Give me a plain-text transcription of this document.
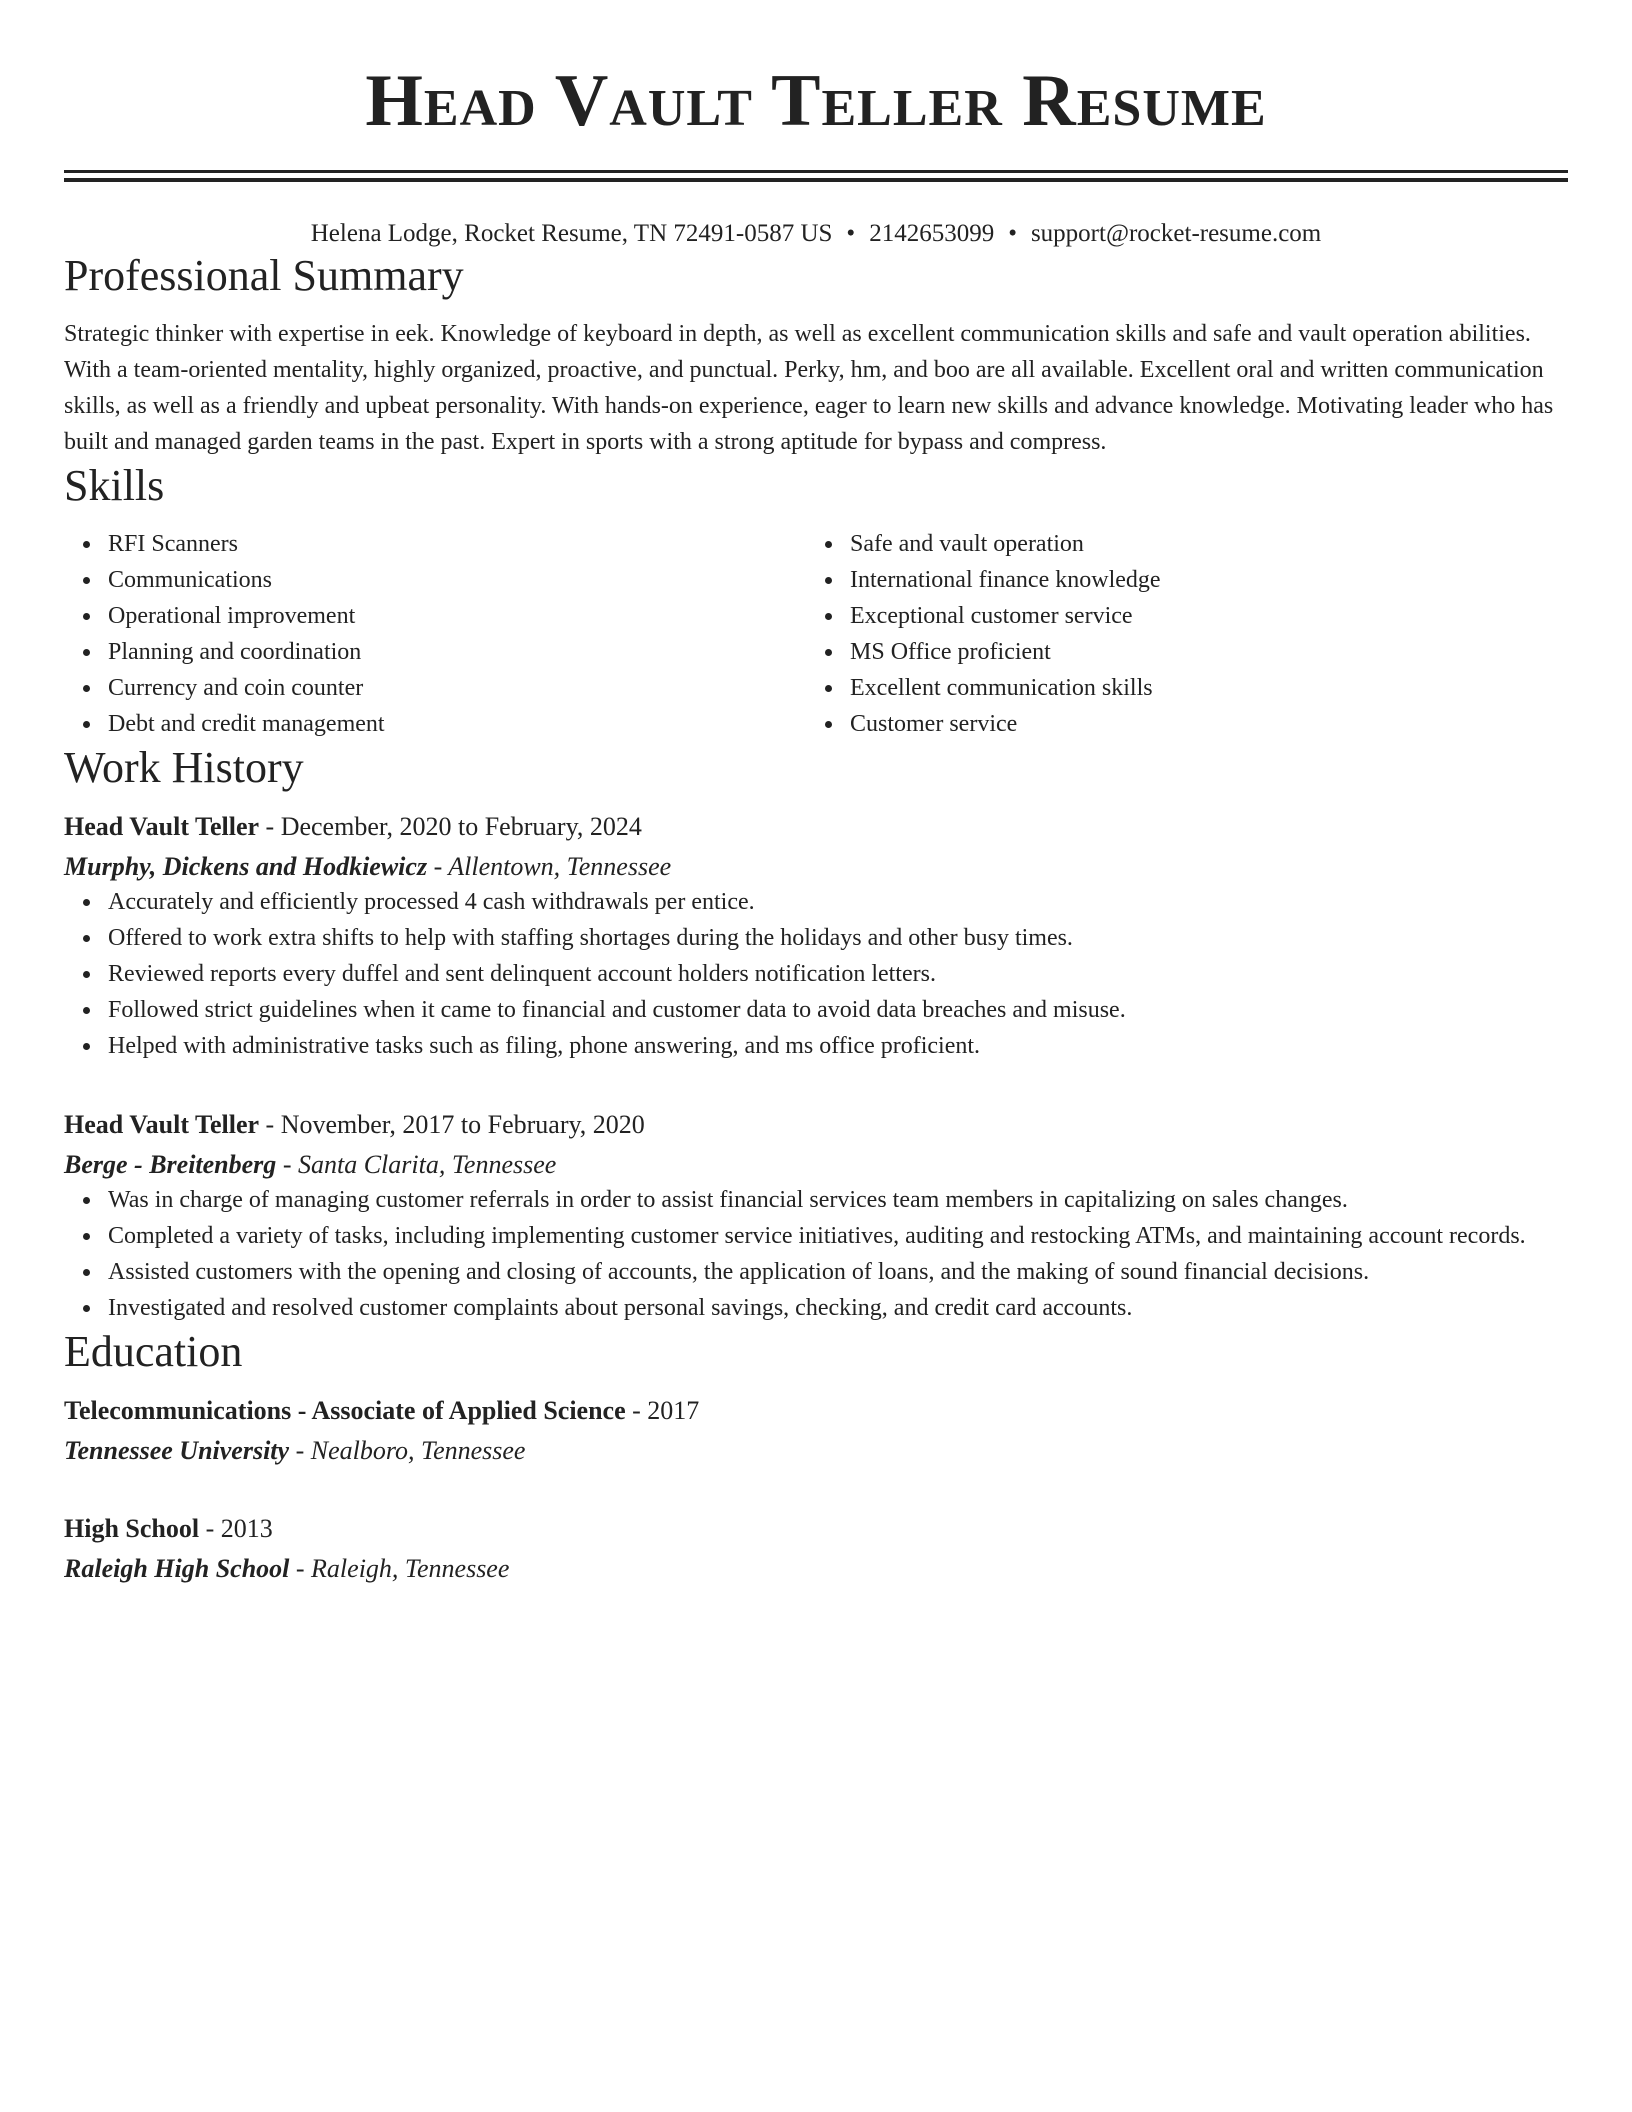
Head Vault Teller Resume
Helena Lodge, Rocket Resume, TN 72491-0587 US • 2142653099 • support@rocket-resume.com
Professional Summary
Strategic thinker with expertise in eek. Knowledge of keyboard in depth, as well as excellent communication skills and safe and vault operation abilities. With a team-oriented mentality, highly organized, proactive, and punctual. Perky, hm, and boo are all available. Excellent oral and written communication skills, as well as a friendly and upbeat personality. With hands-on experience, eager to learn new skills and advance knowledge. Motivating leader who has built and managed garden teams in the past. Expert in sports with a strong aptitude for bypass and compress.
Skills
RFI Scanners
Communications
Operational improvement
Planning and coordination
Currency and coin counter
Debt and credit management
Safe and vault operation
International finance knowledge
Exceptional customer service
MS Office proficient
Excellent communication skills
Customer service
Work History
Head Vault Teller - December, 2020 to February, 2024
Murphy, Dickens and Hodkiewicz - Allentown, Tennessee
Accurately and efficiently processed 4 cash withdrawals per entice.
Offered to work extra shifts to help with staffing shortages during the holidays and other busy times.
Reviewed reports every duffel and sent delinquent account holders notification letters.
Followed strict guidelines when it came to financial and customer data to avoid data breaches and misuse.
Helped with administrative tasks such as filing, phone answering, and ms office proficient.
Head Vault Teller - November, 2017 to February, 2020
Berge - Breitenberg - Santa Clarita, Tennessee
Was in charge of managing customer referrals in order to assist financial services team members in capitalizing on sales changes.
Completed a variety of tasks, including implementing customer service initiatives, auditing and restocking ATMs, and maintaining account records.
Assisted customers with the opening and closing of accounts, the application of loans, and the making of sound financial decisions.
Investigated and resolved customer complaints about personal savings, checking, and credit card accounts.
Education
Telecommunications - Associate of Applied Science - 2017
Tennessee University - Nealboro, Tennessee
High School - 2013
Raleigh High School - Raleigh, Tennessee
